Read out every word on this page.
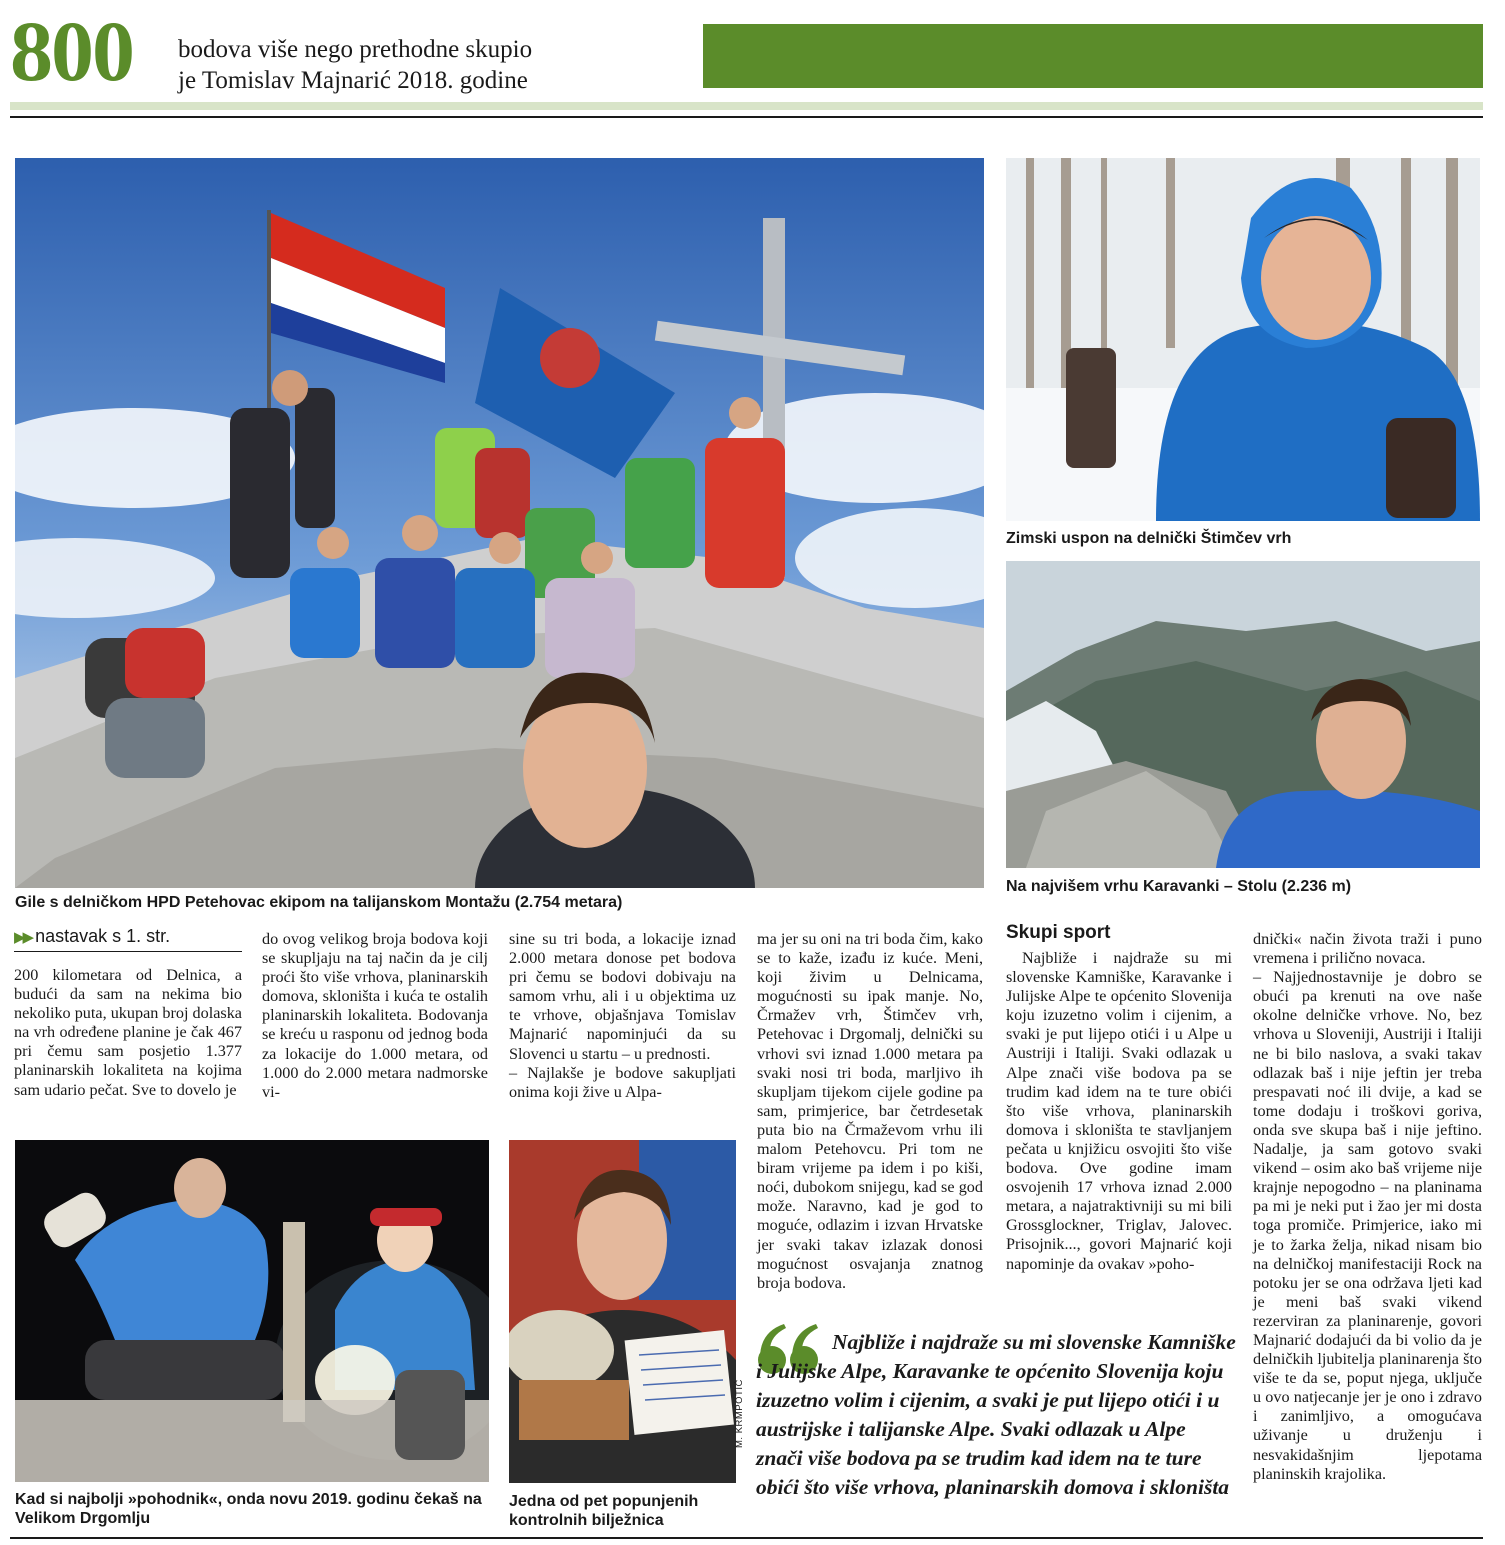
800 bodova više nego prethodne skupio
je Tomislav Majnarić 2018. godine
Gile s delničkom HPD Petehovac ekipom na talijanskom Montažu (2.754 metara)
Zimski uspon na delnički Štimčev vrh
Na najvišem vrhu Karavanki – Stolu (2.236 m)
▶▶ nastavak s 1. str.
200 kilometara od Delnica, a budući da sam na nekima bio nekoliko puta, ukupan broj dolaska na vrh određene planine je čak 467 pri čemu sam posjetio 1.377 planinarskih lokaliteta na kojima sam udario pečat. Sve to dovelo je
do ovog velikog broja bodova koji se skupljaju na taj način da je cilj proći što više vrhova, planinarskih domova, skloništa i kuća te ostalih planinarskih lokaliteta. Bodovanja se kreću u rasponu od jednog boda za lokacije do 1.000 metara, od 1.000 do 2.000 metara nadmorske vi-
sine su tri boda, a lokacije iznad 2.000 metara donose pet bodova pri čemu se bodovi dobivaju na samom vrhu, ali i u objektima uz te vrhove, objašnjava Tomislav Majnarić napominjući da su Slovenci u startu – u prednosti.
– Najlakše je bodove sakupljati onima koji žive u Alpa-
ma jer su oni na tri boda čim, kako se to kaže, izađu iz kuće. Meni, koji živim u Delnicama, mogućnosti su ipak manje. No, Črmažev vrh, Štimčev vrh, Petehovac i Drgomalj, delnički su vrhovi svi iznad 1.000 metara pa svaki nosi tri boda, marljivo ih skupljam tijekom cijele godine pa sam, primjerice, bar četrdesetak puta bio na Črmaževom vrhu ili malom Petehovcu. Pri tom ne biram vrijeme pa idem i po kiši, noći, dubokom snijegu, kad se god može. Naravno, kad je god to moguće, odlazim i izvan Hrvatske jer svaki takav izlazak donosi mogućnost osvajanja znatnog broja bodova.
Skupi sport
Najbliže i najdraže su mi slovenske Kamniške, Karavanke i Julijske Alpe te općenito Slovenija koju izuzetno volim i cijenim, a svaki je put lijepo otići i u Alpe u Austriji i Italiji. Svaki odlazak u Alpe znači više bodova pa se trudim kad idem na te ture obići što više vrhova, planinarskih domova i skloništa te stavljanjem pečata u knjižicu osvojiti što više bodova. Ove godine imam osvojenih 17 vrhova iznad 2.000 metara, a najatraktivniji su mi bili Grossglockner, Triglav, Jalovec. Prisojnik..., govori Majnarić koji napominje da ovakav »poho-
dnički« način života traži i puno vremena i prilično novaca.
– Najjednostavnije je dobro se obući pa krenuti na ove naše okolne delničke vrhove. No, bez vrhova u Sloveniji, Austriji i Italiji ne bi bilo naslova, a svaki takav odlazak baš i nije jeftin jer treba prespavati noć ili dvije, a kad se tome dodaju i troškovi goriva, onda sve skupa baš i nije jeftino. Nadalje, ja sam gotovo svaki vikend – osim ako baš vrijeme nije krajnje nepogodno – na planinama pa mi je neki put i žao jer mi dosta toga promiče. Primjerice, iako mi je to žarka želja, nikad nisam bio na delničkoj manifestaciji Rock na potoku jer se ona održava ljeti kad je meni baš svaki vikend rezerviran za planinarenje, govori Majnarić dodajući da bi volio da je delničkih ljubitelja planinarenja što više te da se, poput njega, uključe u ovo natjecanje jer je ono i zdravo i zanimljivo, a omogućava uživanje u druženju i nesvakidašnjim ljepotama planinskih krajolika.
Kad si najbolji »pohodnik«, onda novu 2019. godinu čekaš na Velikom Drgomlju
Jedna od pet popunjenih
kontrolnih bilježnica
M. KRMPOTIĆ
Najbliže i najdraže su mi slovenske Kamniške i Julijske Alpe, Karavanke te općenito Slovenija koju izuzetno volim i cijenim, a svaki je put lijepo otići i u austrijske i talijanske Alpe. Svaki odlazak u Alpe znači više bodova pa se trudim kad idem na te ture obići što više vrhova, planinarskih domova i skloništa
